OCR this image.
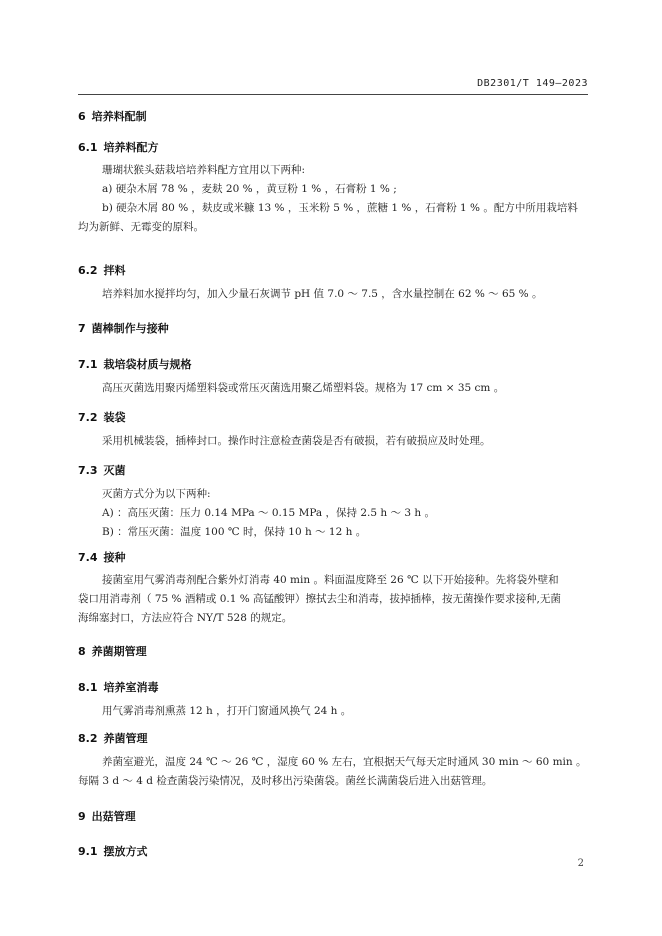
DB2301/T 149—2023
6 培养料配制
6.1 培养料配方
珊瑚状猴头菇栽培培养料配方宜用以下两种:
a) 硬杂木屑 78 % ，麦麸 20 % ，黄豆粉 1 % ，石膏粉 1 % ;
b) 硬杂木屑 80 % ，麸皮或米糠 13 % ，玉米粉 5 % ，蔗糖 1 % ，石膏粉 1 % 。配方中所用栽培料
均为新鲜、无霉变的原料。
6.2 拌料
培养料加水搅拌均匀，加入少量石灰调节 pH 值 7.0 ～ 7.5 ，含水量控制在 62 % ～ 65 % 。
7 菌棒制作与接种
7.1 栽培袋材质与规格
高压灭菌选用聚丙烯塑料袋或常压灭菌选用聚乙烯塑料袋。规格为 17 cm × 35 cm 。
7.2 装袋
采用机械装袋，插棒封口。操作时注意检查菌袋是否有破损，若有破损应及时处理。
7.3 灭菌
灭菌方式分为以下两种:
A) ：高压灭菌：压力 0.14 MPa ～ 0.15 MPa ，保持 2.5 h ～ 3 h 。
B) ：常压灭菌：温度 100 ℃ 时，保持 10 h ～ 12 h 。
7.4 接种
接菌室用气雾消毒剂配合紫外灯消毒 40 min 。料面温度降至 26 ℃ 以下开始接种。先将袋外壁和
袋口用消毒剂（ 75 % 酒精或 0.1 % 高锰酸钾）擦拭去尘和消毒，拔掉插棒，按无菌操作要求接种,无菌
海绵塞封口，方法应符合 NY/T 528 的规定。
8 养菌期管理
8.1 培养室消毒
用气雾消毒剂熏蒸 12 h ，打开门窗通风换气 24 h 。
8.2 养菌管理
养菌室避光，温度 24 ℃ ～ 26 ℃ ，湿度 60 % 左右，宜根据天气每天定时通风 30 min ～ 60 min 。
每隔 3 d ～ 4 d 检查菌袋污染情况，及时移出污染菌袋。菌丝长满菌袋后进入出菇管理。
9 出菇管理
9.1 摆放方式
2
